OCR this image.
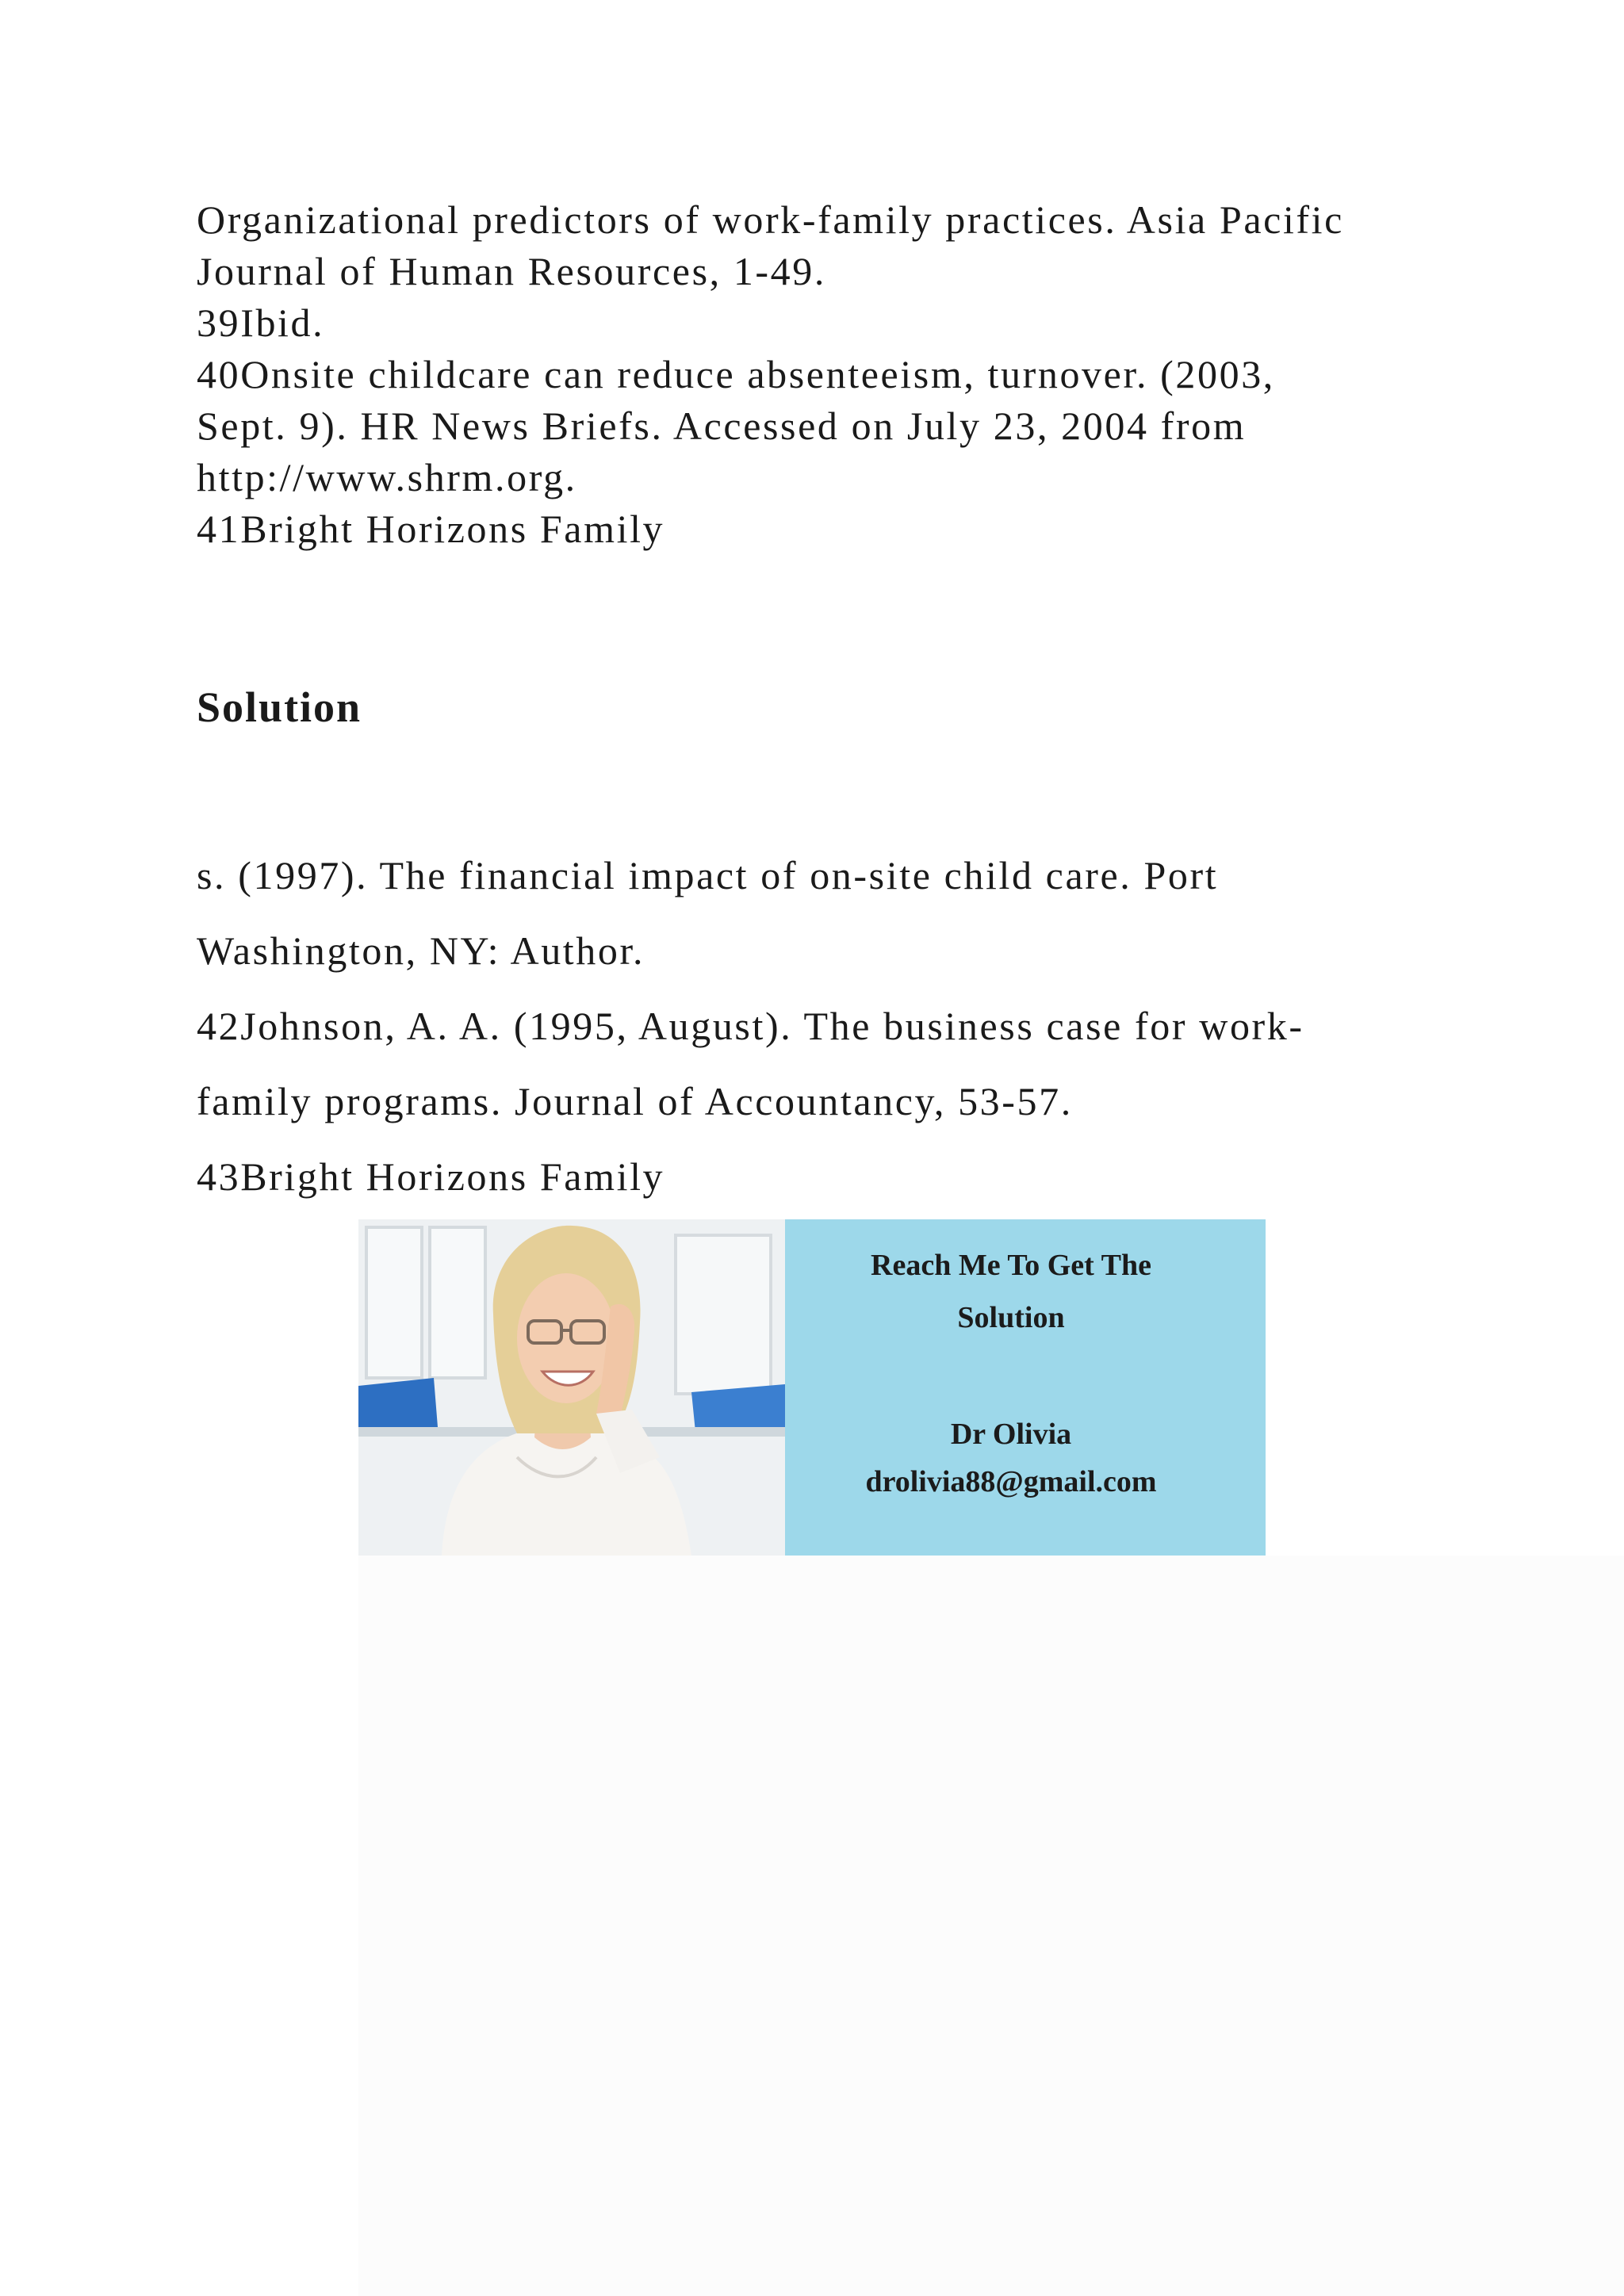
Organizational predictors of work-family practices. Asia Pacific
Journal of Human Resources, 1-49.
39Ibid.
40Onsite childcare can reduce absenteeism, turnover. (2003,
Sept. 9). HR News Briefs. Accessed on July 23, 2004 from
http://www.shrm.org.
41Bright Horizons Family
Solution
s. (1997). The financial impact of on-site child care. Port
Washington, NY: Author.
42Johnson, A. A. (1995, August). The business case for work-
family programs. Journal of Accountancy, 53-57.
43Bright Horizons Family
Reach Me To Get The
Solution
Dr Olivia
drolivia88@gmail.com
